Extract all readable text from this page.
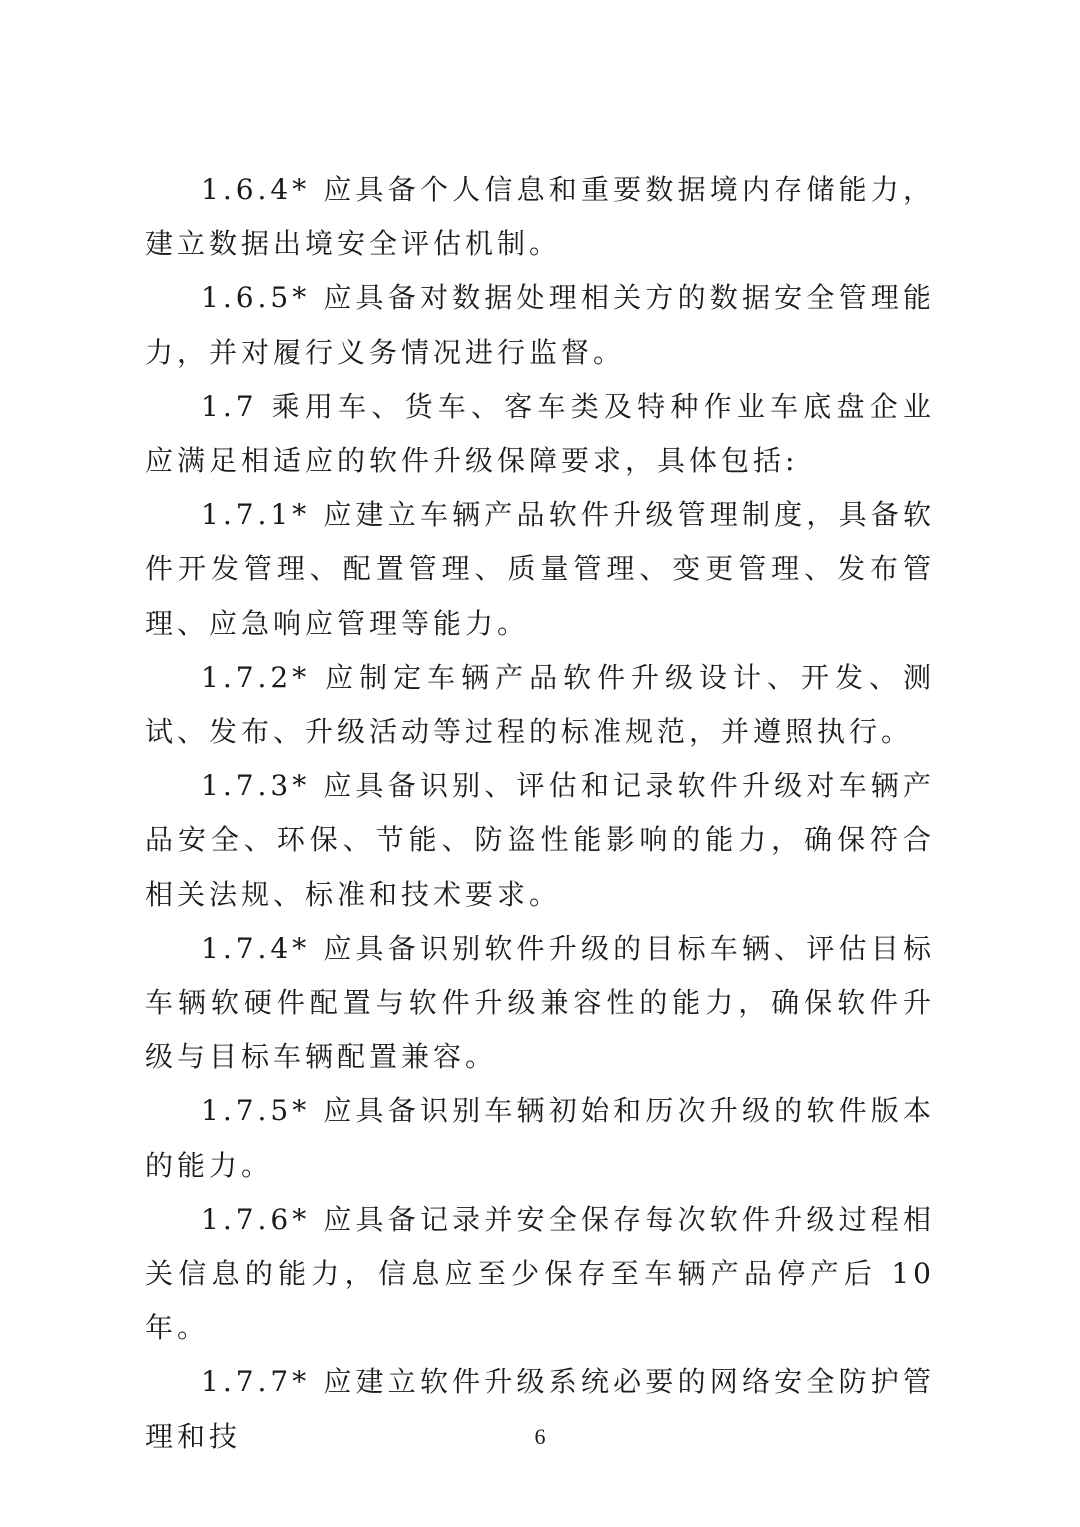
1.6.4* 应具备个人信息和重要数据境内存储能力，建立数据出境安全评估机制。

1.6.5* 应具备对数据处理相关方的数据安全管理能力，并对履行义务情况进行监督。

1.7 乘用车、货车、客车类及特种作业车底盘企业应满足相适应的软件升级保障要求，具体包括:

1.7.1* 应建立车辆产品软件升级管理制度，具备软件开发管理、配置管理、质量管理、变更管理、发布管理、应急响应管理等能力。

1.7.2* 应制定车辆产品软件升级设计、开发、测试、发布、升级活动等过程的标准规范，并遵照执行。

1.7.3* 应具备识别、评估和记录软件升级对车辆产品安全、环保、节能、防盗性能影响的能力，确保符合相关法规、标准和技术要求。

1.7.4* 应具备识别软件升级的目标车辆、评估目标车辆软硬件配置与软件升级兼容性的能力，确保软件升级与目标车辆配置兼容。

1.7.5* 应具备识别车辆初始和历次升级的软件版本的能力。

1.7.6* 应具备记录并安全保存每次软件升级过程相关信息的能力，信息应至少保存至车辆产品停产后 10 年。

1.7.7* 应建立软件升级系统必要的网络安全防护管理和技	6
